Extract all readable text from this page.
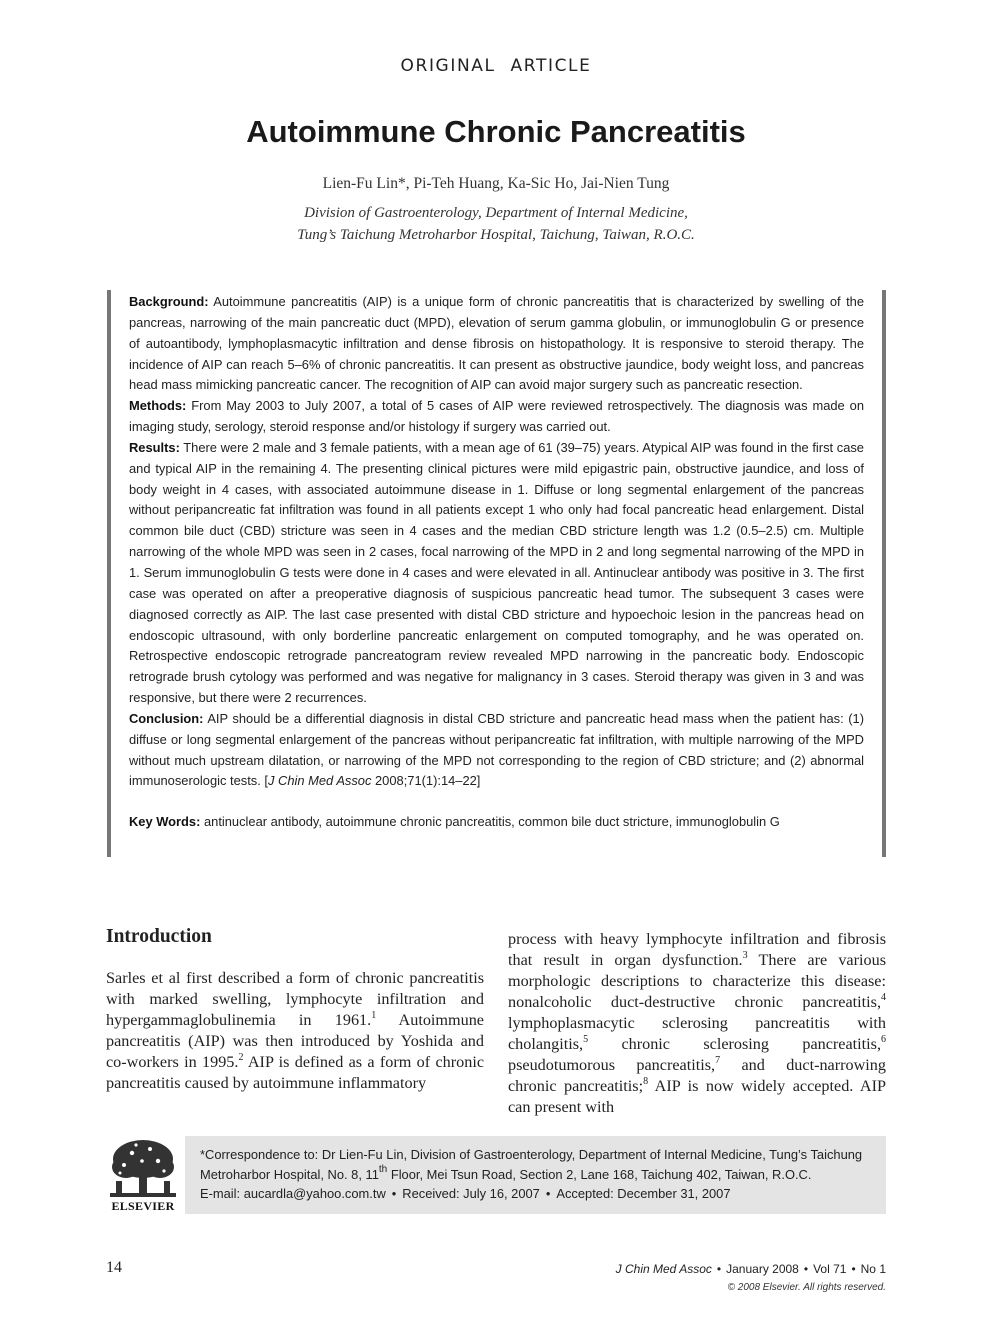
ORIGINAL ARTICLE
Autoimmune Chronic Pancreatitis
Lien-Fu Lin*, Pi-Teh Huang, Ka-Sic Ho, Jai-Nien Tung
Division of Gastroenterology, Department of Internal Medicine,
Tung’s Taichung Metroharbor Hospital, Taichung, Taiwan, R.O.C.

Background: Autoimmune pancreatitis (AIP) is a unique form of chronic pancreatitis that is characterized by swelling of the pancreas, narrowing of the main pancreatic duct (MPD), elevation of serum gamma globulin, or immunoglobulin G or presence of autoantibody, lymphoplasmacytic infiltration and dense fibrosis on histopathology. It is responsive to steroid therapy. The incidence of AIP can reach 5–6% of chronic pancreatitis. It can present as obstructive jaundice, body weight loss, and pancreas head mass mimicking pancreatic cancer. The recognition of AIP can avoid major surgery such as pancreatic resection.

Methods: From May 2003 to July 2007, a total of 5 cases of AIP were reviewed retrospectively. The diagnosis was made on imaging study, serology, steroid response and/or histology if surgery was carried out.

Results: There were 2 male and 3 female patients, with a mean age of 61 (39–75) years. Atypical AIP was found in the first case and typical AIP in the remaining 4. The presenting clinical pictures were mild epigastric pain, obstructive jaundice, and loss of body weight in 4 cases, with associated autoimmune disease in 1. Diffuse or long segmental enlargement of the pancreas without peripancreatic fat infiltration was found in all patients except 1 who only had focal pancreatic head enlargement. Distal common bile duct (CBD) stricture was seen in 4 cases and the median CBD stricture length was 1.2 (0.5–2.5) cm. Multiple narrowing of the whole MPD was seen in 2 cases, focal narrowing of the MPD in 2 and long segmental narrowing of the MPD in 1. Serum immunoglobulin G tests were done in 4 cases and were elevated in all. Antinuclear antibody was positive in 3. The first case was operated on after a preoperative diagnosis of suspicious pancreatic head tumor. The subsequent 3 cases were diagnosed correctly as AIP. The last case presented with distal CBD stricture and hypoechoic lesion in the pancreas head on endoscopic ultrasound, with only borderline pancreatic enlargement on computed tomography, and he was operated on. Retrospective endoscopic retrograde pancreatogram review revealed MPD narrowing in the pancreatic body. Endoscopic retrograde brush cytology was performed and was negative for malignancy in 3 cases. Steroid therapy was given in 3 and was responsive, but there were 2 recurrences.

Conclusion: AIP should be a differential diagnosis in distal CBD stricture and pancreatic head mass when the patient has: (1) diffuse or long segmental enlargement of the pancreas without peripancreatic fat infiltration, with multiple narrowing of the MPD without much upstream dilatation, or narrowing of the MPD not corresponding to the region of CBD stricture; and (2) abnormal immunoserologic tests. [J Chin Med Assoc 2008;71(1):14–22]

Key Words: antinuclear antibody, autoimmune chronic pancreatitis, common bile duct stricture, immunoglobulin G

Introduction

Sarles et al first described a form of chronic pancreatitis with marked swelling, lymphocyte infiltration and hypergammaglobulinemia in 1961.$^1$ Autoimmune pancreatitis (AIP) was then introduced by Yoshida and co-workers in 1995.$^2$ AIP is defined as a form of chronic pancreatitis caused by autoimmune inflammatory

process with heavy lymphocyte infiltration and fibrosis that result in organ dysfunction.$^3$ There are various morphologic descriptions to characterize this disease: nonalcoholic duct-destructive chronic pancreatitis,$^4$ lymphoplasmacytic sclerosing pancreatitis with cholangitis,$^5$ chronic sclerosing pancreatitis,$^6$ pseudotumorous pancreatitis,$^7$ and duct-narrowing chronic pancreatitis;$^8$ AIP is now widely accepted. AIP can present with

ELSEVIER
*Correspondence to: Dr Lien-Fu Lin, Division of Gastroenterology, Department of Internal Medicine, Tung’s Taichung
Metroharbor Hospital, No. 8, 11th Floor, Mei Tsun Road, Section 2, Lane 168, Taichung 402, Taiwan, R.O.C.
E-mail: aucardla@yahoo.com.tw • Received: July 16, 2007 • Accepted: December 31, 2007
14	J Chin Med Assoc • January 2008 • Vol 71 • No 1
© 2008 Elsevier. All rights reserved.
